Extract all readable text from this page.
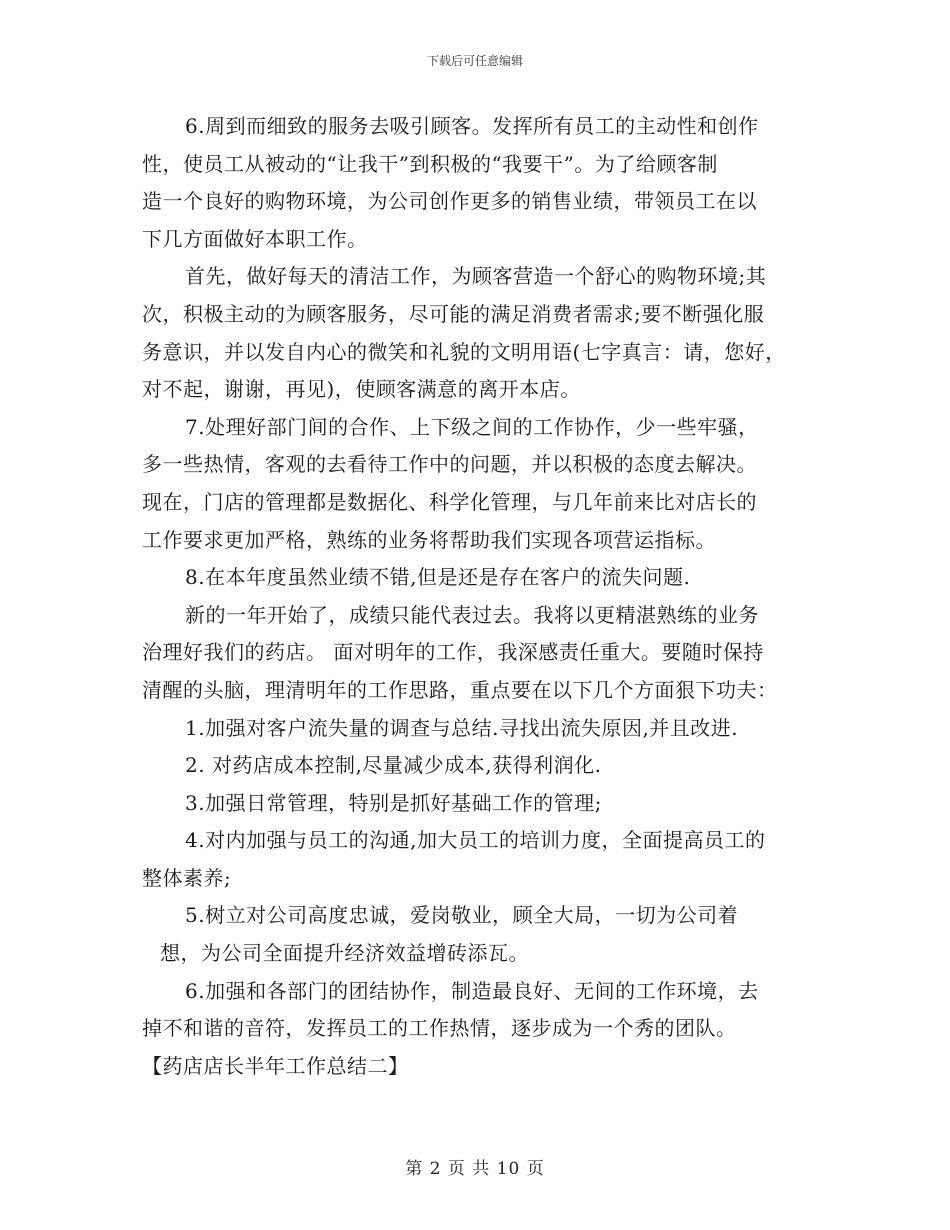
下载后可任意编辑

6.周到而细致的服务去吸引顾客。发挥所有员工的主动性和创作

性，使员工从被动的“让我干”到积极的“我要干”。为了给顾客制

造一个良好的购物环境，为公司创作更多的销售业绩，带领员工在以

下几方面做好本职工作。

首先，做好每天的清洁工作，为顾客营造一个舒心的购物环境;其

次，积极主动的为顾客服务，尽可能的满足消费者需求;要不断强化服

务意识，并以发自内心的微笑和礼貌的文明用语(七字真言：请，您好，

对不起，谢谢，再见)，使顾客满意的离开本店。

7.处理好部门间的合作、上下级之间的工作协作，少一些牢骚，

多一些热情，客观的去看待工作中的问题，并以积极的态度去解决。

现在，门店的管理都是数据化、科学化管理，与几年前来比对店长的

工作要求更加严格，熟练的业务将帮助我们实现各项营运指标。

8.在本年度虽然业绩不错,但是还是存在客户的流失问题.

新的一年开始了，成绩只能代表过去。我将以更精湛熟练的业务

治理好我们的药店。 面对明年的工作，我深感责任重大。要随时保持

清醒的头脑，理清明年的工作思路，重点要在以下几个方面狠下功夫：

1.加强对客户流失量的调查与总结.寻找出流失原因,并且改进.

2. 对药店成本控制,尽量减少成本,获得利润化.

3.加强日常管理，特别是抓好基础工作的管理;

4.对内加强与员工的沟通,加大员工的培训力度，全面提高员工的

整体素养;

5.树立对公司高度忠诚，爱岗敬业，顾全大局，一切为公司着

想，为公司全面提升经济效益增砖添瓦。

6.加强和各部门的团结协作，制造最良好、无间的工作环境，去

掉不和谐的音符，发挥员工的工作热情，逐步成为一个秀的团队。

【药店店长半年工作总结二】

第 2 页 共 10 页
